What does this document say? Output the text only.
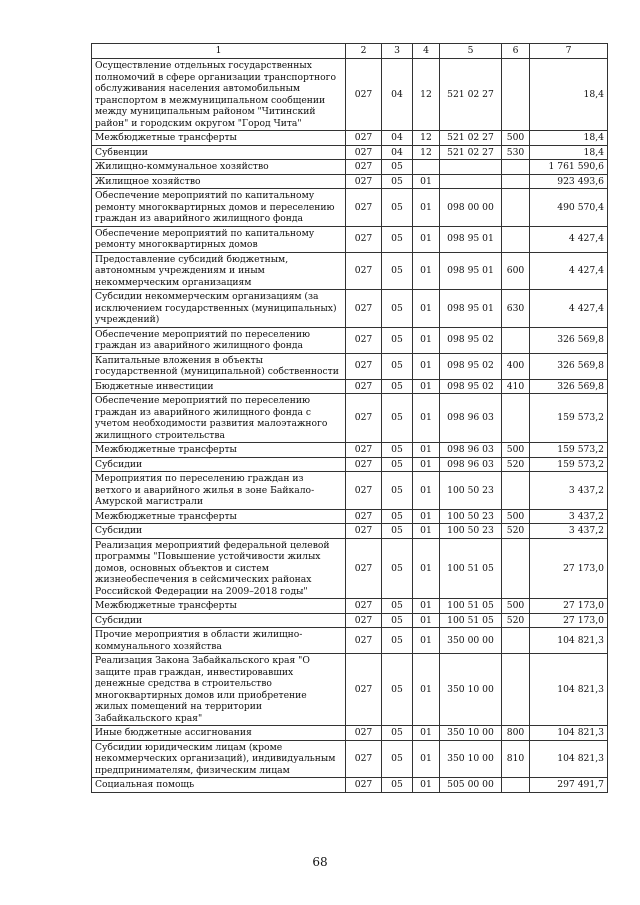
1	2	3	4	5	6	7
Осуществление отдельных государственных полномочий в сфере организации транспортного обслуживания населения автомобильным транспортом в межмуниципальном сообщении между муниципальным районом "Читинский район" и городским округом "Город Чита"	027	04	12	521 02 27		18,4
Межбюджетные трансферты	027	04	12	521 02 27	500	18,4
Субвенции	027	04	12	521 02 27	530	18,4
Жилищно-коммунальное хозяйство	027	05				1 761 590,6
Жилищное хозяйство	027	05	01			923 493,6
Обеспечение мероприятий по капитальному ремонту многоквартирных домов и переселению граждан из аварийного жилищного фонда	027	05	01	098 00 00		490 570,4
Обеспечение мероприятий по капитальному ремонту многоквартирных домов	027	05	01	098 95 01		4 427,4
Предоставление субсидий бюджетным, автономным учреждениям и иным некоммерческим организациям	027	05	01	098 95 01	600	4 427,4
Субсидии некоммерческим организациям (за исключением государственных (муниципальных) учреждений)	027	05	01	098 95 01	630	4 427,4
Обеспечение мероприятий по переселению граждан из аварийного жилищного фонда	027	05	01	098 95 02		326 569,8
Капитальные вложения в объекты государственной (муниципальной) собственности	027	05	01	098 95 02	400	326 569,8
Бюджетные инвестиции	027	05	01	098 95 02	410	326 569,8
Обеспечение мероприятий по переселению граждан из аварийного жилищного фонда с учетом необходимости развития малоэтажного жилищного строительства	027	05	01	098 96 03		159 573,2
Межбюджетные трансферты	027	05	01	098 96 03	500	159 573,2
Субсидии	027	05	01	098 96 03	520	159 573,2
Мероприятия по переселению граждан из ветхого и аварийного жилья в зоне Байкало-Амурской магистрали	027	05	01	100 50 23		3 437,2
Межбюджетные трансферты	027	05	01	100 50 23	500	3 437,2
Субсидии	027	05	01	100 50 23	520	3 437,2
Реализация мероприятий федеральной целевой программы "Повышение устойчивости жилых домов, основных объектов и систем жизнеобеспечения в сейсмических районах Российской Федерации на 2009–2018 годы"	027	05	01	100 51 05		27 173,0
Межбюджетные трансферты	027	05	01	100 51 05	500	27 173,0
Субсидии	027	05	01	100 51 05	520	27 173,0
Прочие мероприятия в области жилищно-коммунального хозяйства	027	05	01	350 00 00		104 821,3
Реализация Закона Забайкальского края "О защите прав граждан, инвестировавших денежные средства в строительство многоквартирных домов или приобретение жилых помещений на территории Забайкальского края"	027	05	01	350 10 00		104 821,3
Иные бюджетные ассигнования	027	05	01	350 10 00	800	104 821,3
Субсидии юридическим лицам (кроме некоммерческих организаций), индивидуальным предпринимателям, физическим лицам	027	05	01	350 10 00	810	104 821,3
Социальная помощь	027	05	01	505 00 00		297 491,7
68
